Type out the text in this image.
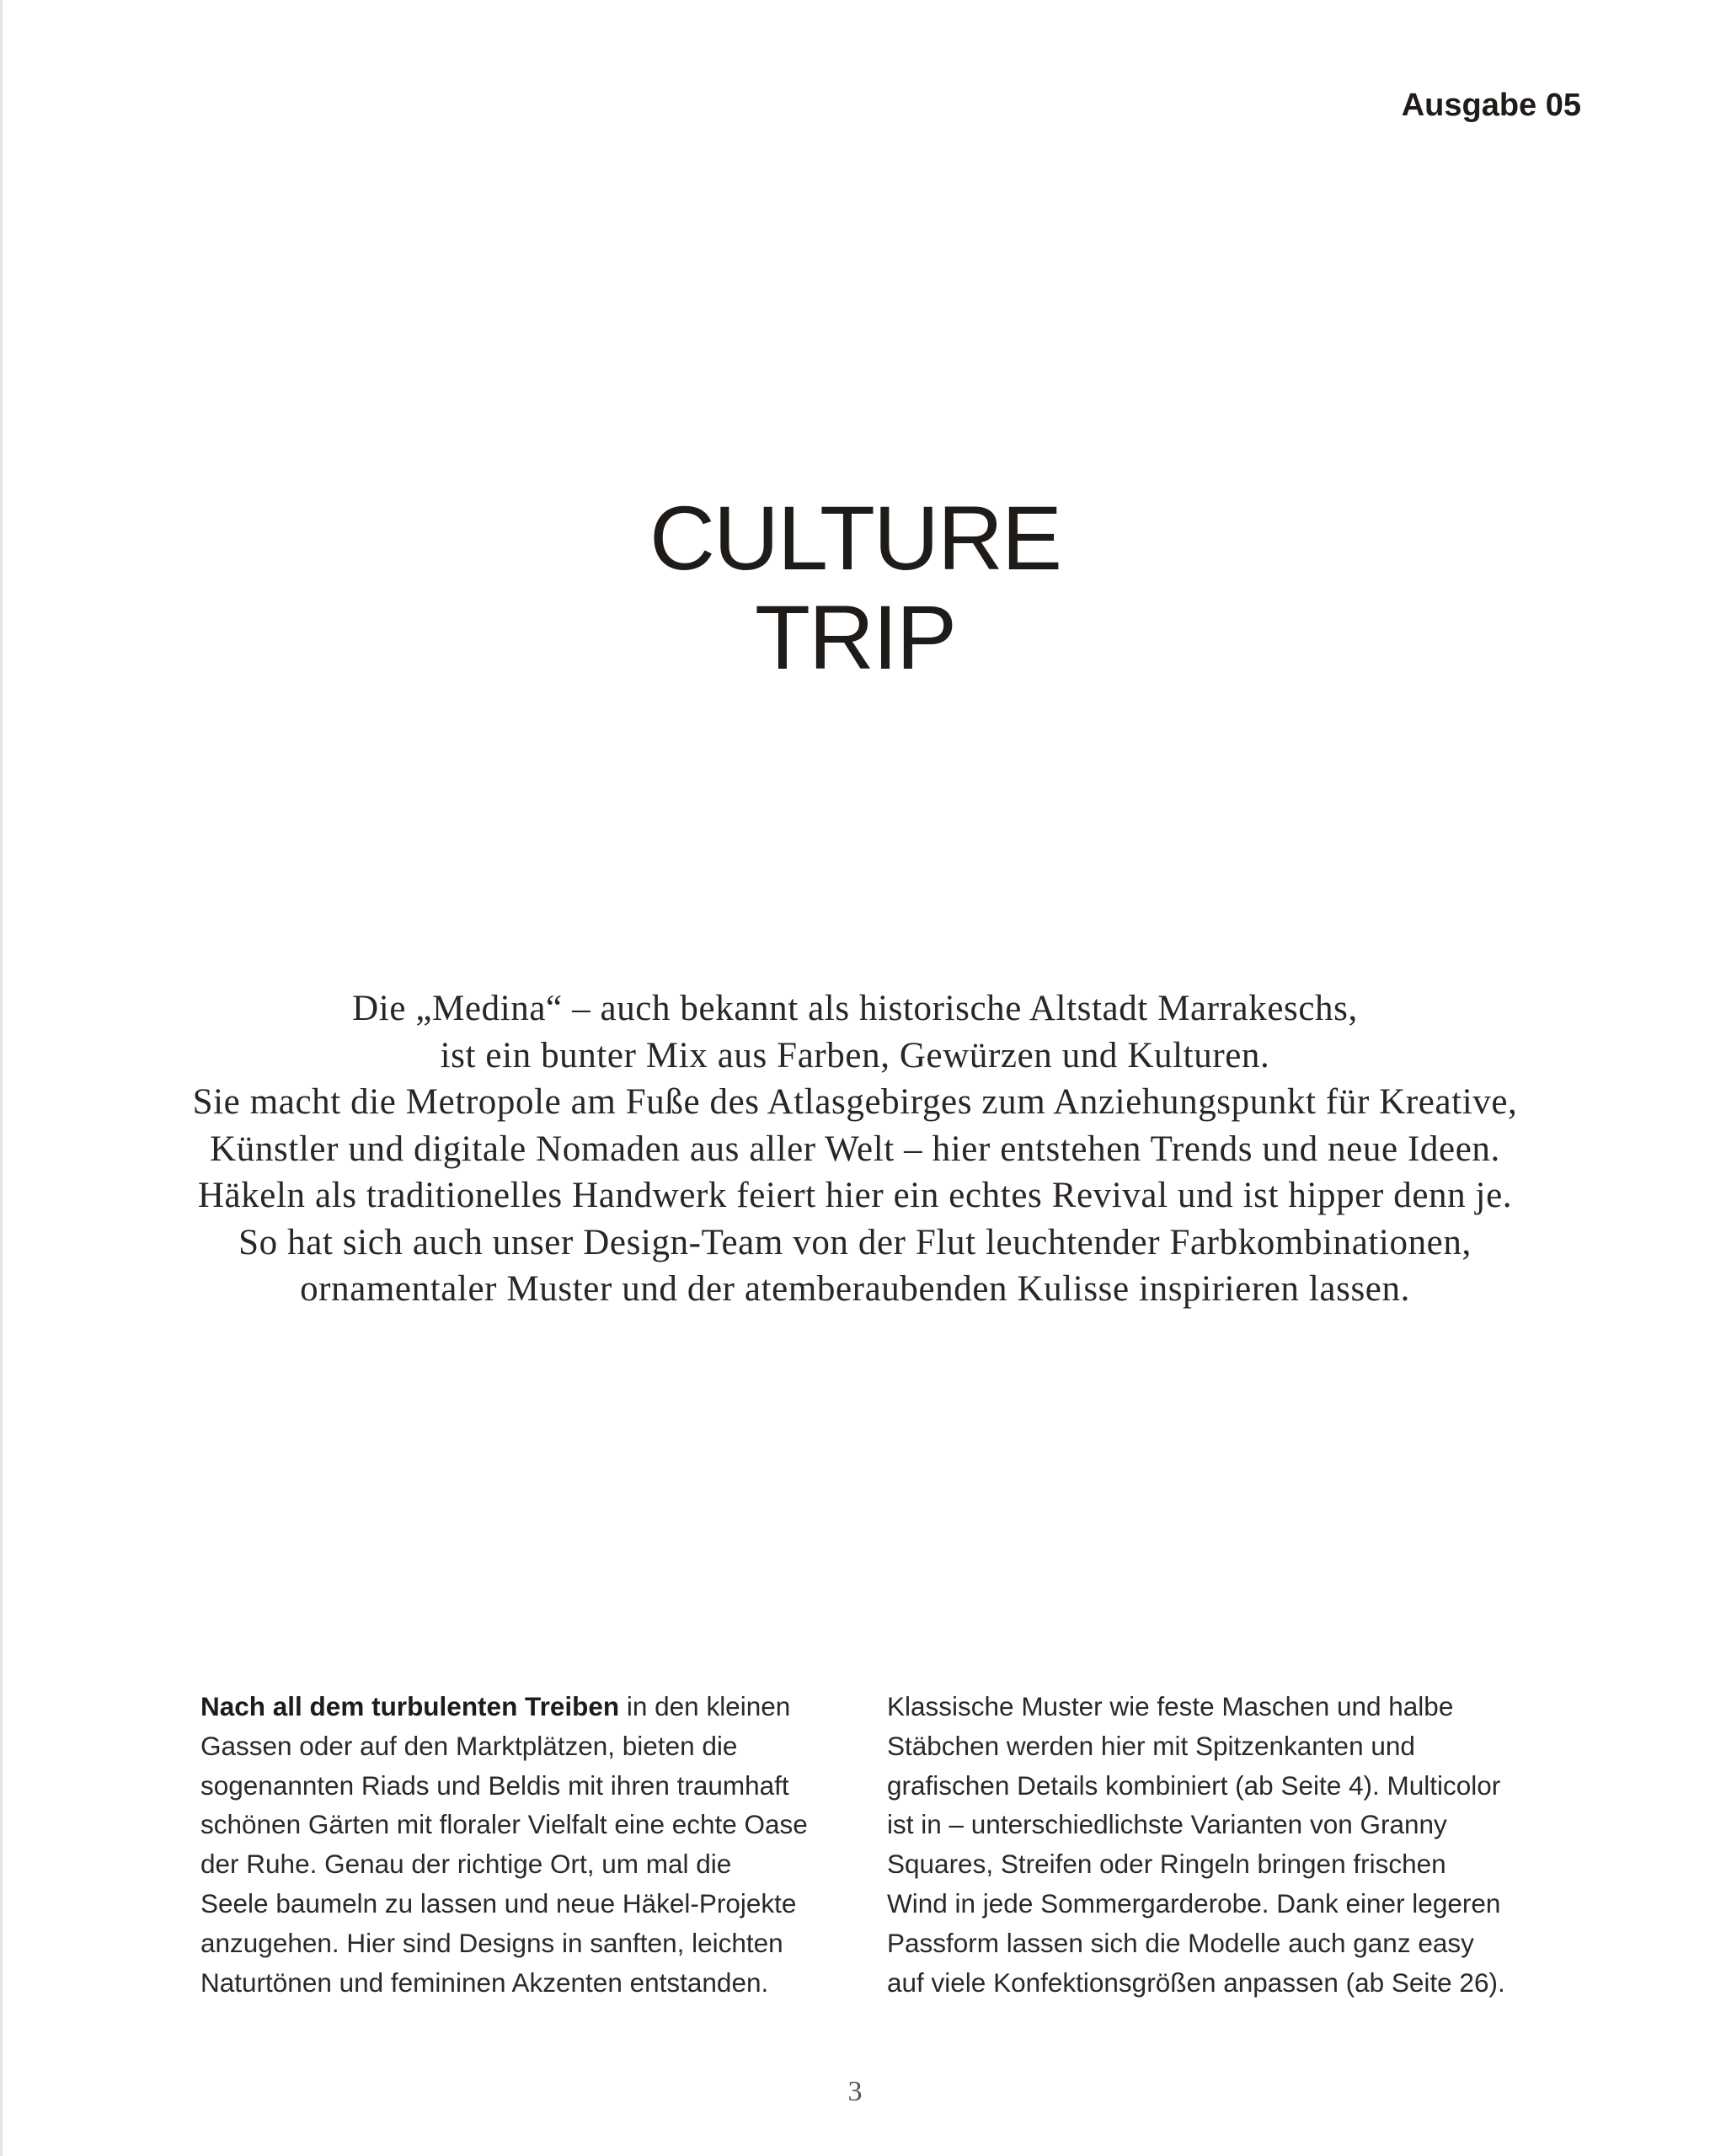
Ausgabe 05
CULTURE
TRIP
Die „Medina“ – auch bekannt als historische Altstadt Marrakeschs,
ist ein bunter Mix aus Farben, Gewürzen und Kulturen.
Sie macht die Metropole am Fuße des Atlasgebirges zum Anziehungspunkt für Kreative,
Künstler und digitale Nomaden aus aller Welt – hier entstehen Trends und neue Ideen.
Häkeln als traditionelles Handwerk feiert hier ein echtes Revival und ist hipper denn je.
So hat sich auch unser Design-Team von der Flut leuchtender Farbkombinationen,
ornamentaler Muster und der atemberaubenden Kulisse inspirieren lassen.
Nach all dem turbulenten Treiben in den kleinen
Gassen oder auf den Marktplätzen, bieten die
sogenannten Riads und Beldis mit ihren traumhaft
schönen Gärten mit floraler Vielfalt eine echte Oase
der Ruhe. Genau der richtige Ort, um mal die
Seele baumeln zu lassen und neue Häkel-Projekte
anzugehen. Hier sind Designs in sanften, leichten
Naturtönen und femininen Akzenten entstanden.
Klassische Muster wie feste Maschen und halbe
Stäbchen werden hier mit Spitzenkanten und
grafischen Details kombiniert (ab Seite 4). Multicolor
ist in – unterschiedlichste Varianten von Granny
Squares, Streifen oder Ringeln bringen frischen
Wind in jede Sommergarderobe. Dank einer legeren
Passform lassen sich die Modelle auch ganz easy
auf viele Konfektionsgrößen anpassen (ab Seite 26).
3
